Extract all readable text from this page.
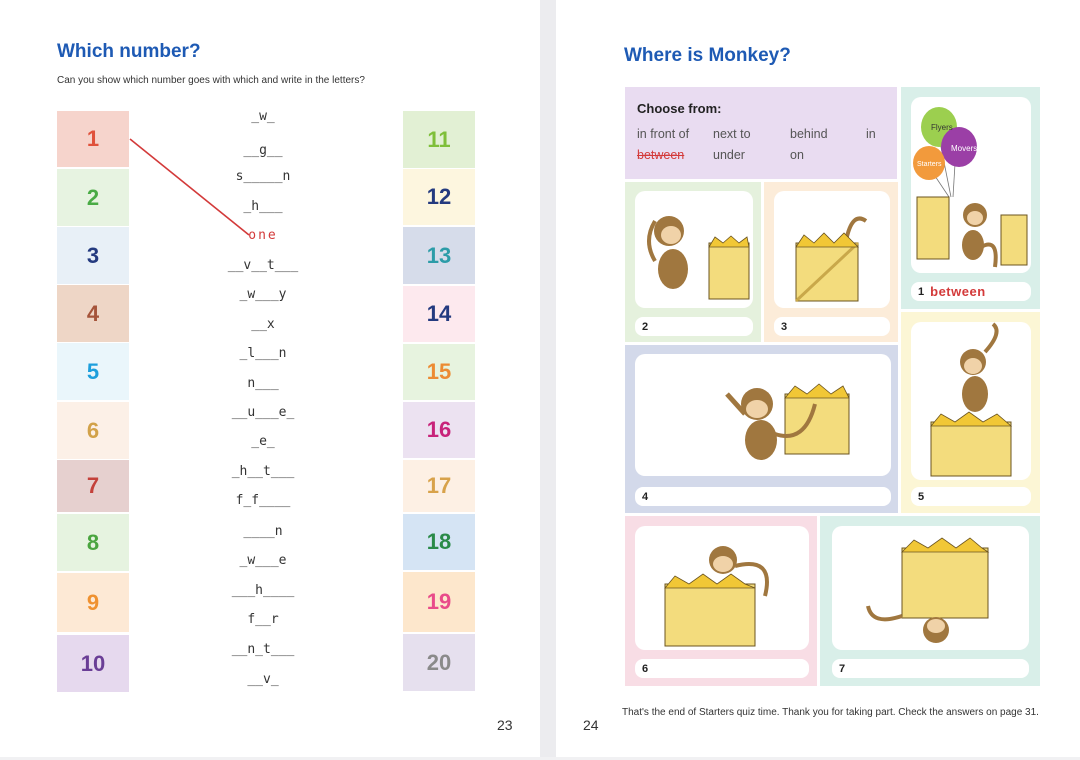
Which number?
Can you show which number goes with which and write in the letters?
1
2
3
4
5
6
7
8
9
10
11
12
13
14
15
16
17
18
19
20
_w_
__g__
s_____n
_h___
one
__v__t___
_w___y
__x
_l___n
n___
__u___e_
_e_
_h__t___
f_f____
____n
_w___e
___h____
f__r
__n_t___
__v_
23
Where is Monkey?
Choose from:
in front of next to	behind	in
between under	on
Flyers
Movers
Starters
1 between
2	3
4	5
6	7
That's the end of Starters quiz time. Thank you for taking part. Check the answers on page 31.
24
